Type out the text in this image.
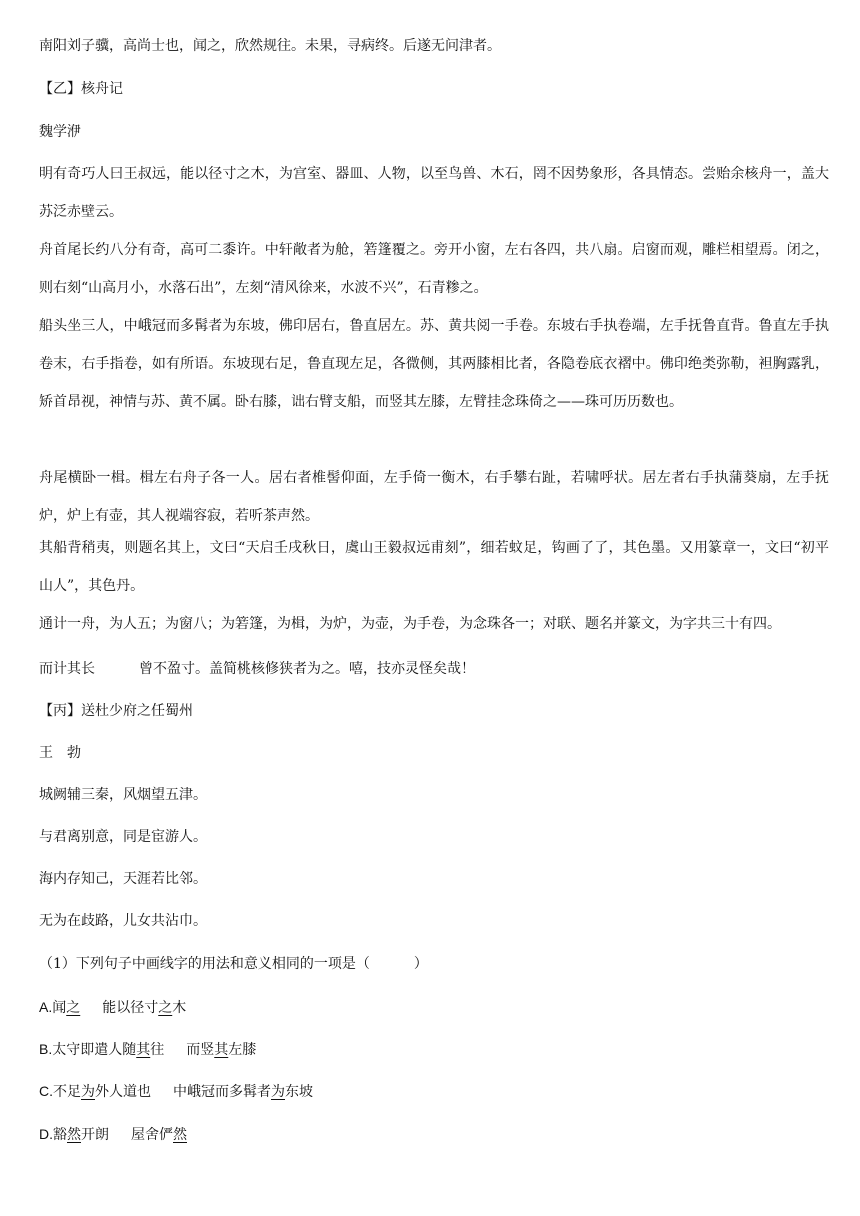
南阳刘子骥，高尚士也，闻之，欣然规往。未果，寻病终。后遂无问津者。
【乙】核舟记
魏学洢
明有奇巧人曰王叔远，能以径寸之木，为宫室、器皿、人物，以至鸟兽、木石，罔不因势象形，各具情态。尝贻余核舟一，盖大苏泛赤壁云。
舟首尾长约八分有奇，高可二黍许。中轩敞者为舱，箬篷覆之。旁开小窗，左右各四，共八扇。启窗而观，雕栏相望焉。闭之，则右刻“山高月小，水落石出”，左刻“清风徐来，水波不兴”，石青糁之。
船头坐三人，中峨冠而多髯者为东坡，佛印居右，鲁直居左。苏、黄共阅一手卷。东坡右手执卷端，左手抚鲁直背。鲁直左手执卷末，右手指卷，如有所语。东坡现右足，鲁直现左足，各微侧，其两膝相比者，各隐卷底衣褶中。佛印绝类弥勒，袒胸露乳，矫首昂视，神情与苏、黄不属。卧右膝，诎右臂支船，而竖其左膝，左臂挂念珠倚之——珠可历历数也。
舟尾横卧一楫。楫左右舟子各一人。居右者椎髻仰面，左手倚一衡木，右手攀右趾，若啸呼状。居左者右手执蒲葵扇，左手抚炉，炉上有壶，其人视端容寂，若听茶声然。
其船背稍夷，则题名其上，文曰“天启壬戌秋日，虞山王毅叔远甫刻”，细若蚊足，钩画了了，其色墨。又用篆章一，文曰“初平山人”，其色丹。
通计一舟，为人五；为窗八；为箬篷，为楫，为炉，为壶，为手卷，为念珠各一；对联、题名并篆文，为字共三十有四。
而计其长	曾不盈寸。盖简桃核修狭者为之。嘻，技亦灵怪矣哉！
【丙】送杜少府之任蜀州
王勃
城阙辅三秦，风烟望五津。
与君离别意，同是宦游人。
海内存知己，天涯若比邻。
无为在歧路，儿女共沾巾。
（1）下列句子中画线字的用法和意义相同的一项是（	）
A.闻之 能以径寸之木
B.太守即遣人随其往 而竖其左膝
C.不足为外人道也 中峨冠而多髯者为东坡
D.豁然开朗 屋舍俨然
